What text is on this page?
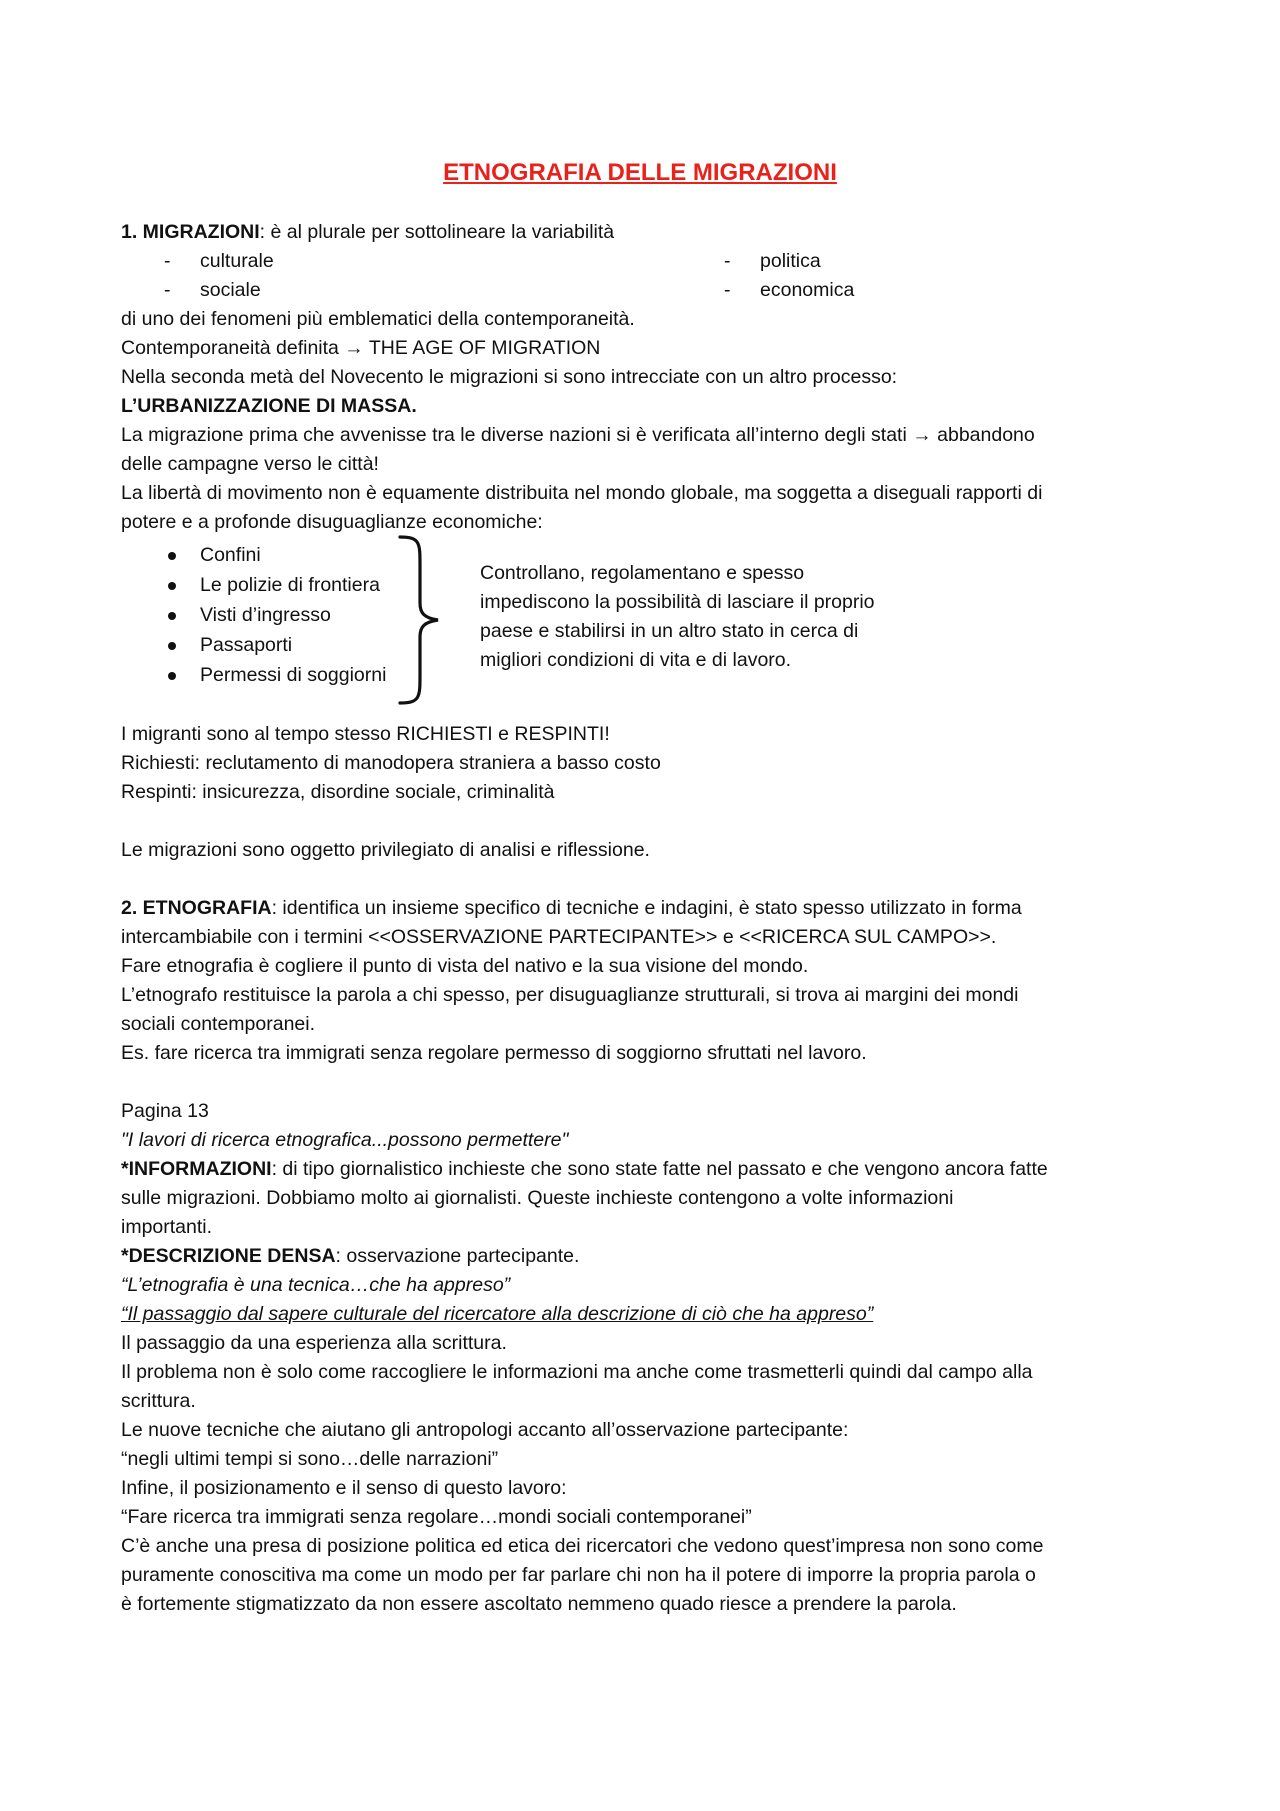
ETNOGRAFIA DELLE MIGRAZIONI
1. MIGRAZIONI: è al plurale per sottolineare la variabilità
- culturale
- sociale
- politica
- economica
di uno dei fenomeni più emblematici della contemporaneità.
Contemporaneità definita → THE AGE OF MIGRATION
Nella seconda metà del Novecento le migrazioni si sono intrecciate con un altro processo:
L’URBANIZZAZIONE DI MASSA.
La migrazione prima che avvenisse tra le diverse nazioni si è verificata all’interno degli stati → abbandono
delle campagne verso le città!
La libertà di movimento non è equamente distribuita nel mondo globale, ma soggetta a diseguali rapporti di
potere e a profonde disuguaglianze economiche:
Confini
Le polizie di frontiera
Visti d’ingresso
Passaporti
Permessi di soggiorni
Controllano, regolamentano e spesso
impediscono la possibilità di lasciare il proprio
paese e stabilirsi in un altro stato in cerca di
migliori condizioni di vita e di lavoro.
I migranti sono al tempo stesso RICHIESTI e RESPINTI!
Richiesti: reclutamento di manodopera straniera a basso costo
Respinti: insicurezza, disordine sociale, criminalità
Le migrazioni sono oggetto privilegiato di analisi e riflessione.
2. ETNOGRAFIA: identifica un insieme specifico di tecniche e indagini, è stato spesso utilizzato in forma
intercambiabile con i termini <<OSSERVAZIONE PARTECIPANTE>> e <<RICERCA SUL CAMPO>>.
Fare etnografia è cogliere il punto di vista del nativo e la sua visione del mondo.
L’etnografo restituisce la parola a chi spesso, per disuguaglianze strutturali, si trova ai margini dei mondi
sociali contemporanei.
Es. fare ricerca tra immigrati senza regolare permesso di soggiorno sfruttati nel lavoro.
Pagina 13
"I lavori di ricerca etnografica...possono permettere"
*INFORMAZIONI: di tipo giornalistico inchieste che sono state fatte nel passato e che vengono ancora fatte
sulle migrazioni. Dobbiamo molto ai giornalisti. Queste inchieste contengono a volte informazioni
importanti.
*DESCRIZIONE DENSA: osservazione partecipante.
“L’etnografia è una tecnica…che ha appreso”
“Il passaggio dal sapere culturale del ricercatore alla descrizione di ciò che ha appreso”
Il passaggio da una esperienza alla scrittura.
Il problema non è solo come raccogliere le informazioni ma anche come trasmetterli quindi dal campo alla
scrittura.
Le nuove tecniche che aiutano gli antropologi accanto all’osservazione partecipante:
“negli ultimi tempi si sono…delle narrazioni”
Infine, il posizionamento e il senso di questo lavoro:
“Fare ricerca tra immigrati senza regolare…mondi sociali contemporanei”
C’è anche una presa di posizione politica ed etica dei ricercatori che vedono quest’impresa non sono come
puramente conoscitiva ma come un modo per far parlare chi non ha il potere di imporre la propria parola o
è fortemente stigmatizzato da non essere ascoltato nemmeno quado riesce a prendere la parola.
